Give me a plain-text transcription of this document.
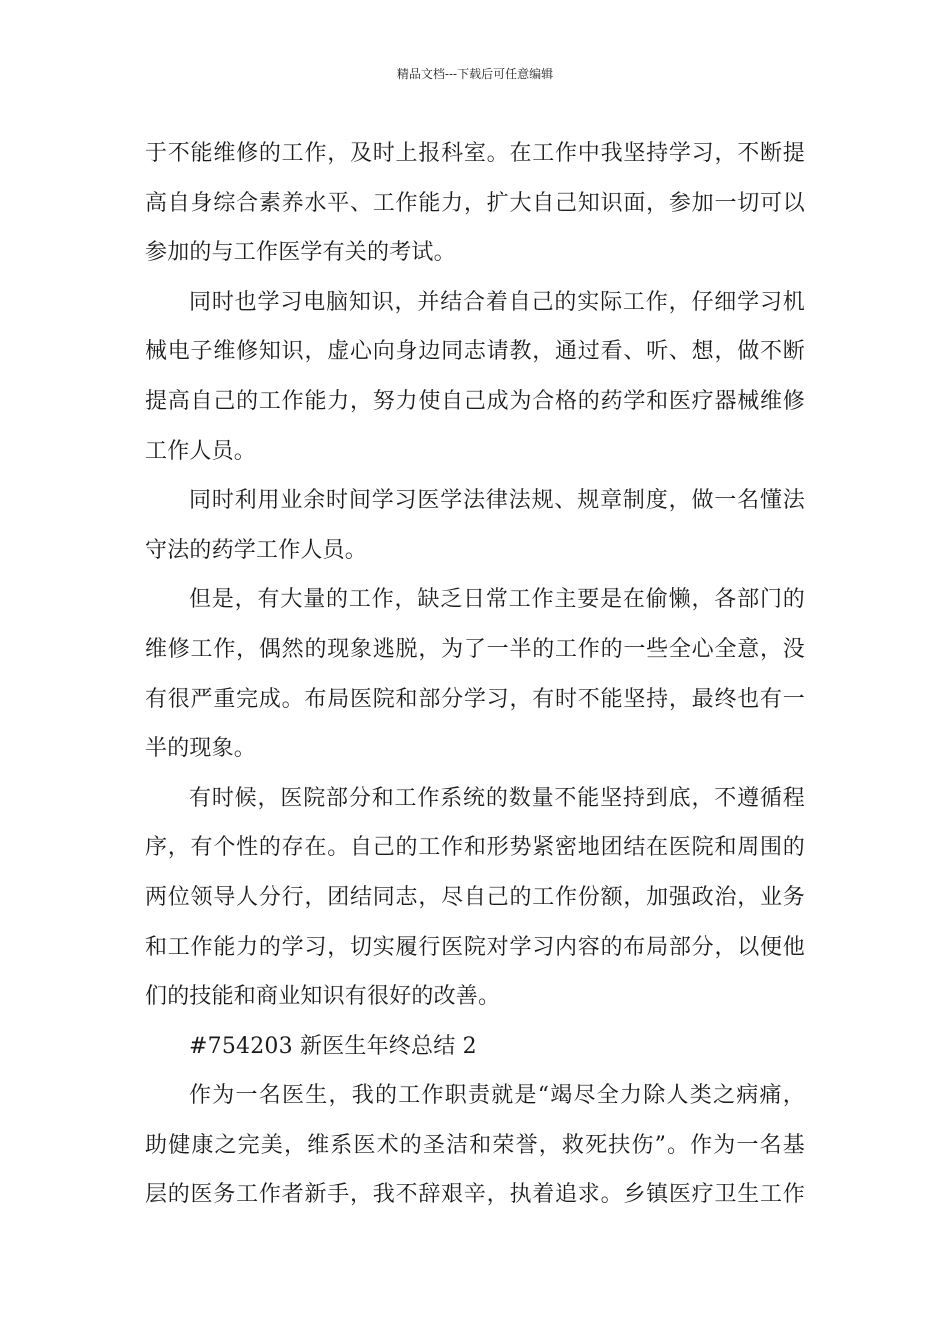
精品文档---下载后可任意编辑
于不能维修的工作，及时上报科室。在工作中我坚持学习，不断提
高自身综合素养水平、工作能力，扩大自己知识面，参加一切可以
参加的与工作医学有关的考试。
同时也学习电脑知识，并结合着自己的实际工作，仔细学习机
械电子维修知识，虚心向身边同志请教，通过看、听、想，做不断
提高自己的工作能力，努力使自己成为合格的药学和医疗器械维修
工作人员。
同时利用业余时间学习医学法律法规、规章制度，做一名懂法
守法的药学工作人员。
但是，有大量的工作，缺乏日常工作主要是在偷懒，各部门的
维修工作，偶然的现象逃脱，为了一半的工作的一些全心全意，没
有很严重完成。布局医院和部分学习，有时不能坚持，最终也有一
半的现象。
有时候，医院部分和工作系统的数量不能坚持到底，不遵循程
序，有个性的存在。自己的工作和形势紧密地团结在医院和周围的
两位领导人分行，团结同志，尽自己的工作份额，加强政治，业务
和工作能力的学习，切实履行医院对学习内容的布局部分，以便他
们的技能和商业知识有很好的改善。
#754203 新医生年终总结 2
作为一名医生，我的工作职责就是“竭尽全力除人类之病痛，
助健康之完美，维系医术的圣洁和荣誉，救死扶伤”。作为一名基
层的医务工作者新手，我不辞艰辛，执着追求。乡镇医疗卫生工作
